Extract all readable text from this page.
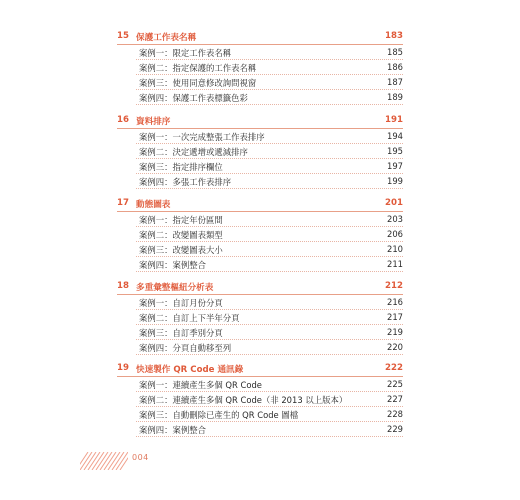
15 保護工作表名稱	183
案例一：限定工作表名稱	185
案例二：指定保護的工作表名稱	186
案例三：使用同意修改詢問視窗	187
案例四：保護工作表標籤色彩	189
16 資料排序	191
案例一：一次完成整張工作表排序	194
案例二：決定遞增或遞減排序	195
案例三：指定排序欄位	197
案例四：多張工作表排序	199
17 動態圖表	201
案例一：指定年份區間	203
案例二：改變圖表類型	206
案例三：改變圖表大小	210
案例四：案例整合	211
18 多重彙整樞紐分析表	212
案例一：自訂月份分頁	216
案例二：自訂上下半年分頁	217
案例三：自訂季別分頁	219
案例四：分頁自動移至列	220
19 快速製作 QR Code 通訊錄	222
案例一：連續產生多個 QR Code	225
案例二：連續產生多個 QR Code（非 2013 以上版本）	227
案例三：自動刪除已產生的 QR Code 圖檔	228
案例四：案例整合	229
004
